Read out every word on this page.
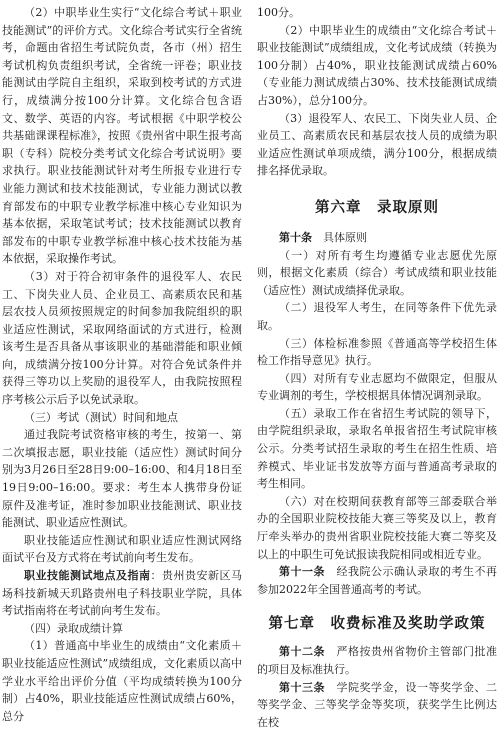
（2）中职毕业生实行“文化综合考试＋职业技能测试”的评价方式。文化综合考试实行全省统考，命题由省招生考试院负责，各市（州）招生考试机构负责组织考试，全省统一评卷；职业技能测试由学院自主组织，采取到校考试的方式进行，成绩满分按100分计算。文化综合包含语文、数学、英语的内容。考试根据《中职学校公共基础课课程标准》，按照《贵州省中职生报考高职（专科）院校分类考试文化综合考试说明》要求执行。职业技能测试针对考生所报专业进行专业能力测试和技术技能测试，专业能力测试以教育部发布的中职专业教学标准中核心专业知识为基本依据，采取笔试考试；技术技能测试以教育部发布的中职专业教学标准中核心技术技能为基本依据，采取操作考试。

（3）对于符合初审条件的退役军人、农民工、下岗失业人员、企业员工、高素质农民和基层农技人员须按照规定的时间参加我院组织的职业适应性测试，采取网络面试的方式进行，检测该考生是否具备从事该职业的基础潜能和职业倾向，成绩满分按100分计算。对符合免试条件并获得三等功以上奖励的退役军人，由我院按照程序考核公示后予以免试录取。

（三）考试（测试）时间和地点

通过我院考试资格审核的考生，按第一、第二次填报志愿，职业技能（适应性）测试时间分别为3月26日至28日9:00–16:00、和4月18日至19日9:00–16:00。要求：考生本人携带身份证原件及准考证，准时参加职业技能测试、职业技能测试、职业适应性测试。

职业技能适应性测试和职业适应性测试网络面试平台及方式将在考试前向考生发布。

职业技能测试地点及指南：贵州贵安新区马场科技新城天玑路贵州电子科技职业学院，具体考试指南将在考试前向考生发布。

（四）录取成绩计算

（1）普通高中毕业生的成绩由“文化素质＋职业技能适应性测试”成绩组成，文化素质以高中学业水平给出评价分值（平均成绩转换为100分制）占40%，职业技能适应性测试成绩占60%，总分

100分。

（2）中职毕业生的成绩由“文化综合考试＋职业技能测试”成绩组成，文化考试成绩（转换为100分制）占40%，职业技能测试成绩占60%（专业能力测试成绩占30%、技术技能测试成绩占30%），总分100分。

（3）退役军人、农民工、下岗失业人员、企业员工、高素质农民和基层农技人员的成绩为职业适应性测试单项成绩，满分100分，根据成绩排名择优录取。

第六章　录取原则

第十条　具体原则

（一）对所有考生均遵循专业志愿优先原则，根据文化素质（综合）考试成绩和职业技能（适应性）测试成绩择优录取。

（二）退役军人考生，在同等条件下优先录取。

（三）体检标准参照《普通高等学校招生体检工作指导意见》执行。

（四）对所有专业志愿均不做限定，但服从专业调剂的考生，学校根据具体情况调剂录取。

（五）录取工作在省招生考试院的领导下，由学院组织录取，录取名单报省招生考试院审核公示。分类考试招生录取的考生在招生性质、培养模式、毕业证书发放等方面与普通高考录取的考生相同。

（六）对在校期间获教育部等三部委联合举办的全国职业院校技能大赛三等奖及以上，教育厅牵头举办的贵州省职业院校技能大赛二等奖及以上的中职生可免试报读我院相同或相近专业。

第十一条　经我院公示确认录取的考生不再参加2022年全国普通高考的考试。

第七章　收费标准及奖助学政策

第十二条　严格按贵州省物价主管部门批准的项目及标准执行。

第十三条　学院奖学金，设一等奖学金、二等奖学金、三等奖学金等奖项，获奖学生比例达在校
